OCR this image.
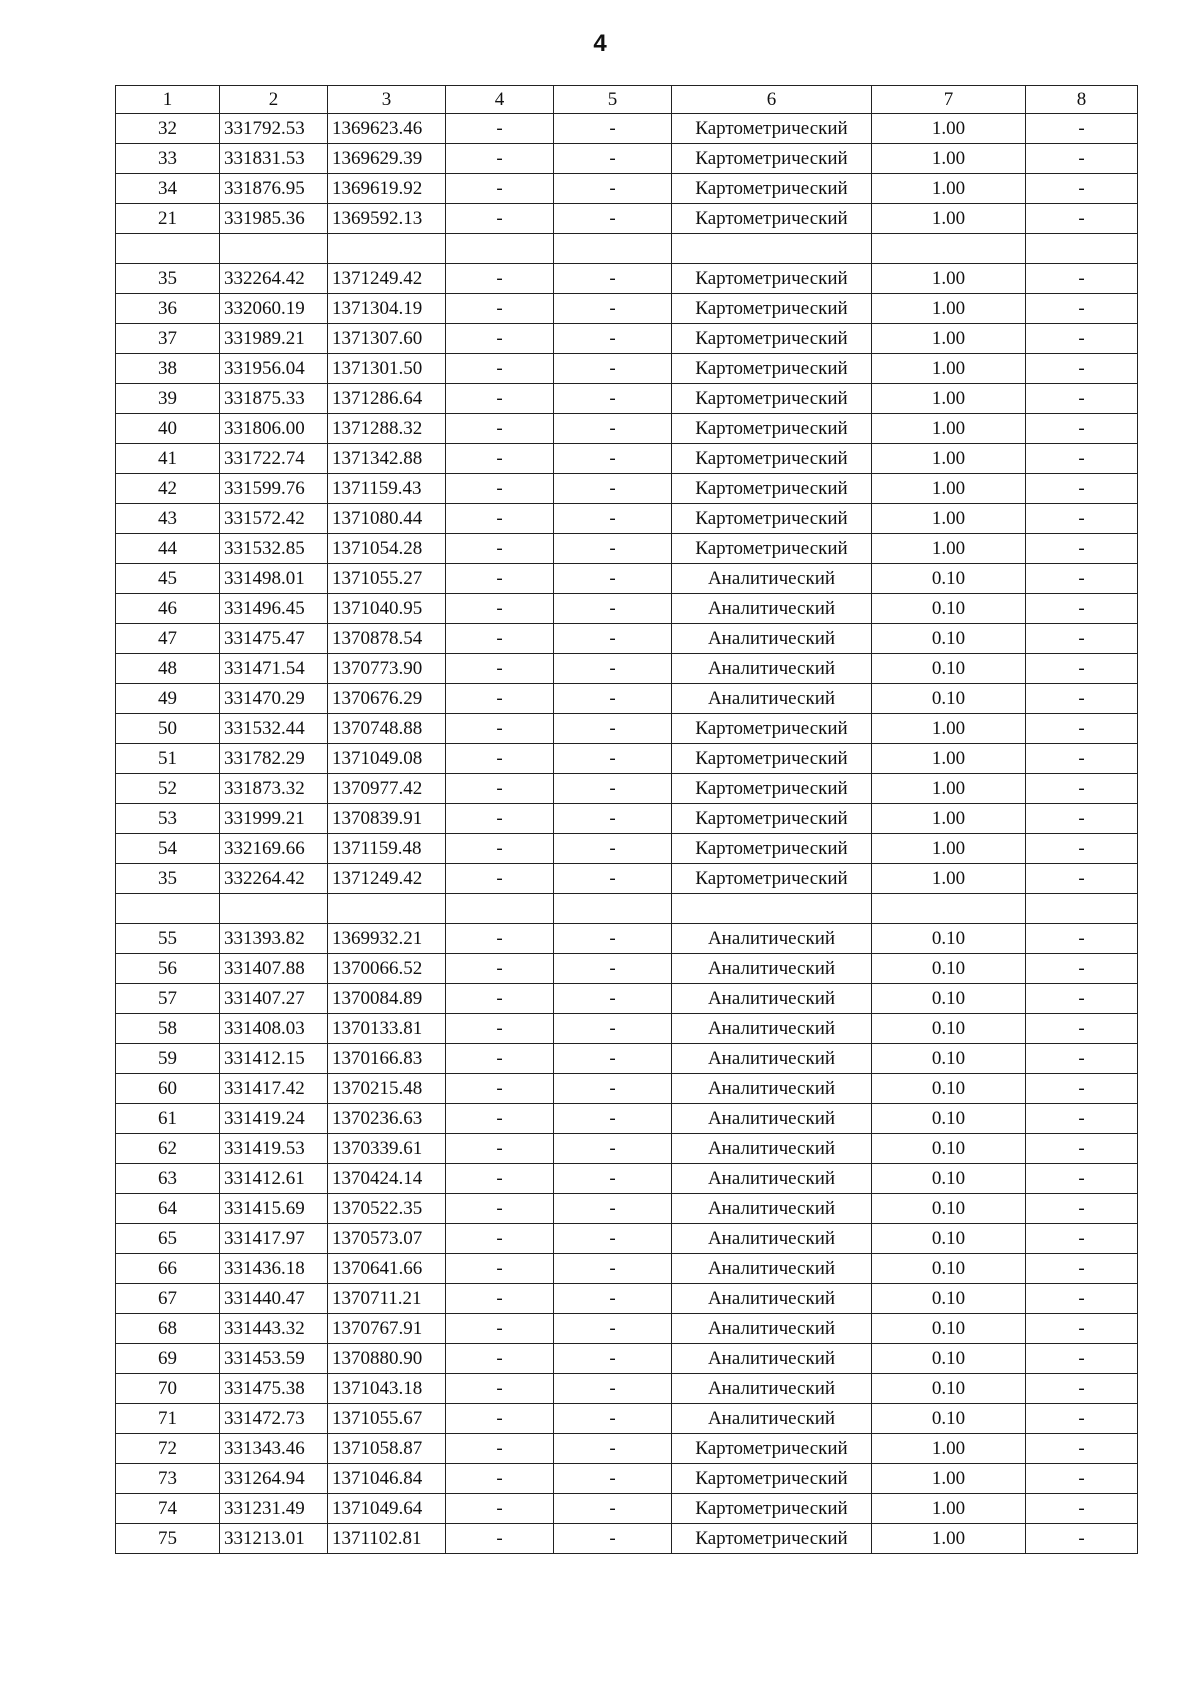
4
1	2	3	4	5	6	7	8
32	331792.53	1369623.46	-	-	Картометрический	1.00	-
33	331831.53	1369629.39	-	-	Картометрический	1.00	-
34	331876.95	1369619.92	-	-	Картометрический	1.00	-
21	331985.36	1369592.13	-	-	Картометрический	1.00	-

35	332264.42	1371249.42	-	-	Картометрический	1.00	-
36	332060.19	1371304.19	-	-	Картометрический	1.00	-
37	331989.21	1371307.60	-	-	Картометрический	1.00	-
38	331956.04	1371301.50	-	-	Картометрический	1.00	-
39	331875.33	1371286.64	-	-	Картометрический	1.00	-
40	331806.00	1371288.32	-	-	Картометрический	1.00	-
41	331722.74	1371342.88	-	-	Картометрический	1.00	-
42	331599.76	1371159.43	-	-	Картометрический	1.00	-
43	331572.42	1371080.44	-	-	Картометрический	1.00	-
44	331532.85	1371054.28	-	-	Картометрический	1.00	-
45	331498.01	1371055.27	-	-	Аналитический	0.10	-
46	331496.45	1371040.95	-	-	Аналитический	0.10	-
47	331475.47	1370878.54	-	-	Аналитический	0.10	-
48	331471.54	1370773.90	-	-	Аналитический	0.10	-
49	331470.29	1370676.29	-	-	Аналитический	0.10	-
50	331532.44	1370748.88	-	-	Картометрический	1.00	-
51	331782.29	1371049.08	-	-	Картометрический	1.00	-
52	331873.32	1370977.42	-	-	Картометрический	1.00	-
53	331999.21	1370839.91	-	-	Картометрический	1.00	-
54	332169.66	1371159.48	-	-	Картометрический	1.00	-
35	332264.42	1371249.42	-	-	Картометрический	1.00	-

55	331393.82	1369932.21	-	-	Аналитический	0.10	-
56	331407.88	1370066.52	-	-	Аналитический	0.10	-
57	331407.27	1370084.89	-	-	Аналитический	0.10	-
58	331408.03	1370133.81	-	-	Аналитический	0.10	-
59	331412.15	1370166.83	-	-	Аналитический	0.10	-
60	331417.42	1370215.48	-	-	Аналитический	0.10	-
61	331419.24	1370236.63	-	-	Аналитический	0.10	-
62	331419.53	1370339.61	-	-	Аналитический	0.10	-
63	331412.61	1370424.14	-	-	Аналитический	0.10	-
64	331415.69	1370522.35	-	-	Аналитический	0.10	-
65	331417.97	1370573.07	-	-	Аналитический	0.10	-
66	331436.18	1370641.66	-	-	Аналитический	0.10	-
67	331440.47	1370711.21	-	-	Аналитический	0.10	-
68	331443.32	1370767.91	-	-	Аналитический	0.10	-
69	331453.59	1370880.90	-	-	Аналитический	0.10	-
70	331475.38	1371043.18	-	-	Аналитический	0.10	-
71	331472.73	1371055.67	-	-	Аналитический	0.10	-
72	331343.46	1371058.87	-	-	Картометрический	1.00	-
73	331264.94	1371046.84	-	-	Картометрический	1.00	-
74	331231.49	1371049.64	-	-	Картометрический	1.00	-
75	331213.01	1371102.81	-	-	Картометрический	1.00	-
